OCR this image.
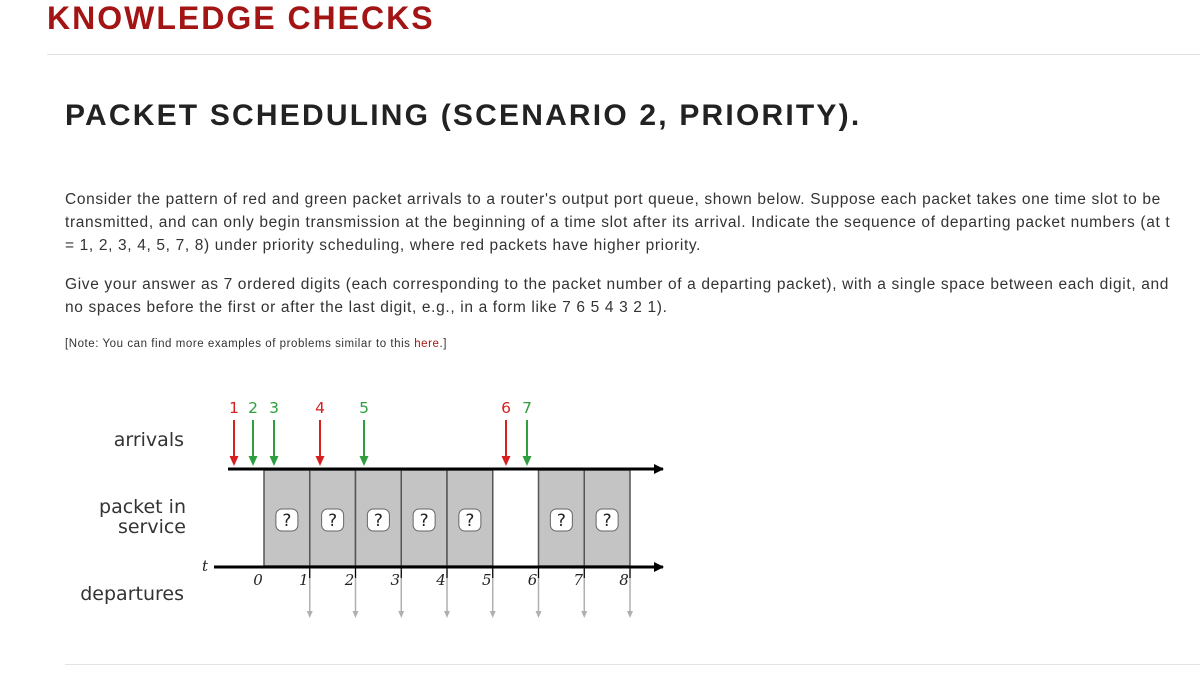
KNOWLEDGE CHECKS
PACKET SCHEDULING (SCENARIO 2, PRIORITY).

Consider the pattern of red and green packet arrivals to a router's output port queue, shown below. Suppose each packet takes one time slot to be

transmitted, and can only begin transmission at the beginning of a time slot after its arrival. Indicate the sequence of departing packet numbers (at t

= 1, 2, 3, 4, 5, 7, 8) under priority scheduling, where red packets have higher priority.

Give your answer as 7 ordered digits (each corresponding to the packet number of a departing packet), with a single space between each digit, and

no spaces before the first or after the last digit, e.g., in a form like 7 6 5 4 3 2 1).

[Note: You can find more examples of problems similar to this here.]

arrivals
packet in
service
departures
t
? ? ? ? ?	? ?
1 2 3 4 5	6 7
0 1 2 3 4 5 6 7 8
